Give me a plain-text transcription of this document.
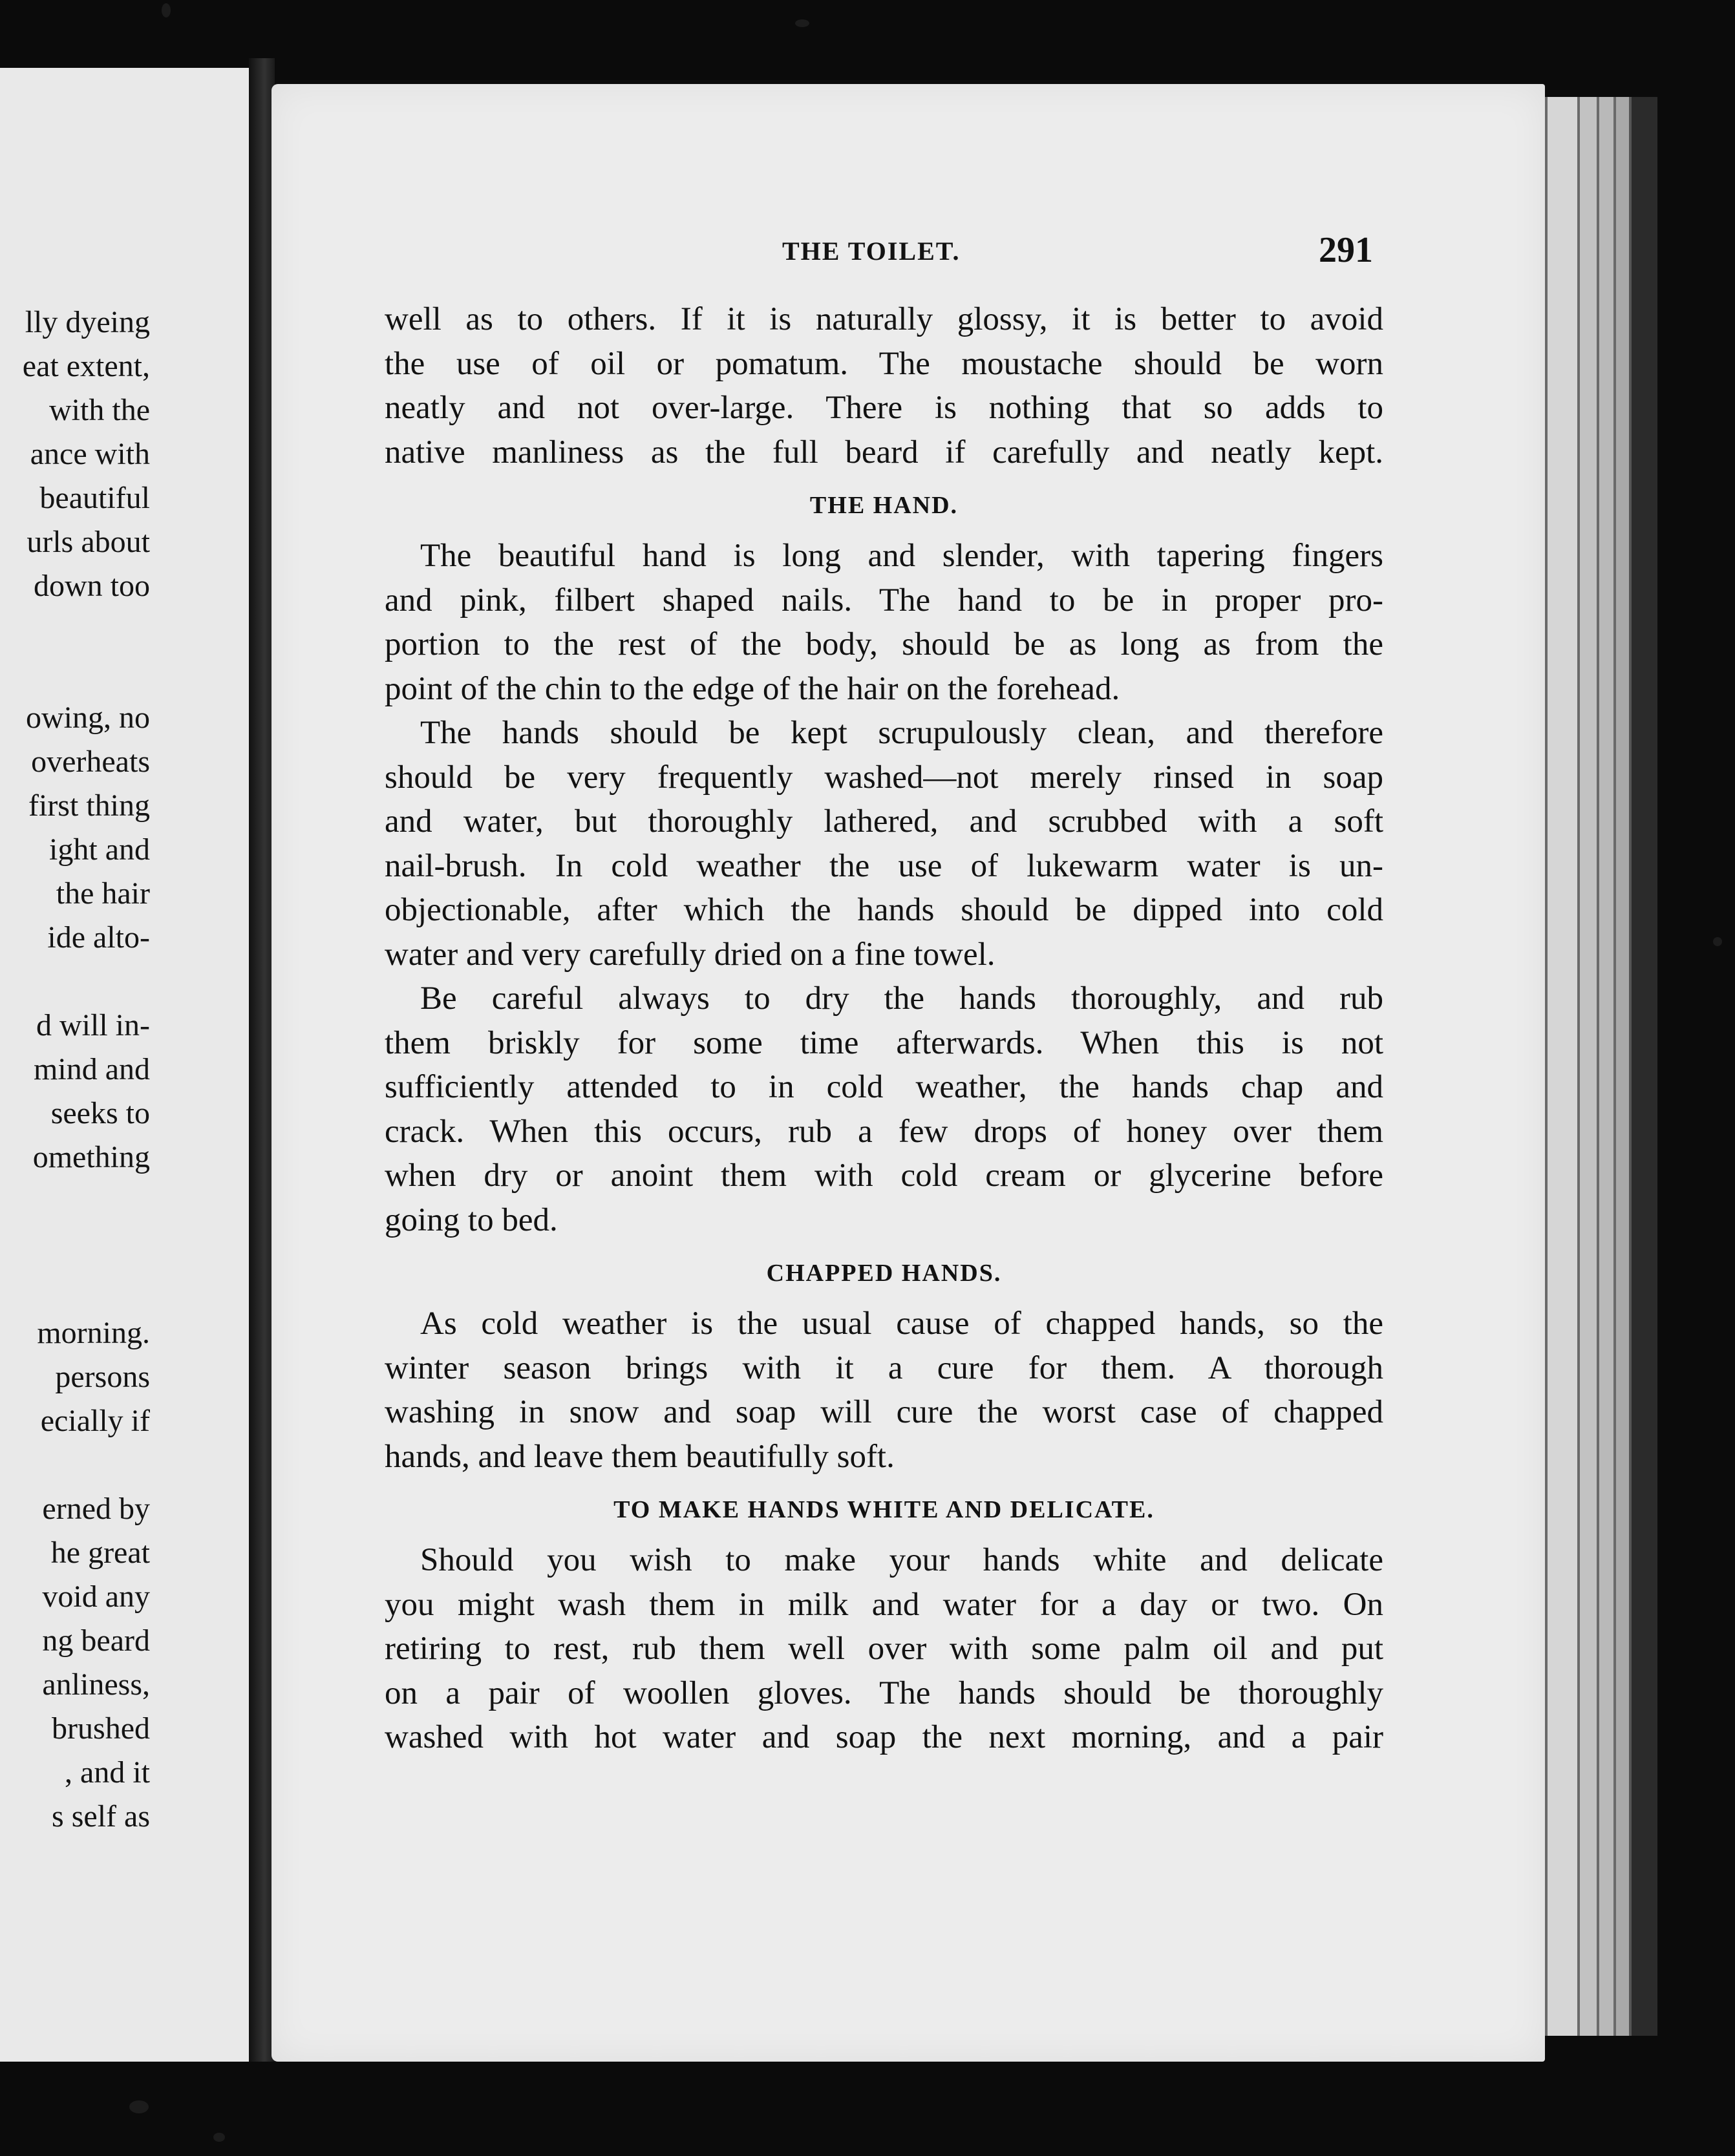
lly dyeing
eat extent,
with the
ance with
beautiful
urls about
down too
owing, no
overheats
first thing
ight and
the hair
ide alto-
d will in-
mind and
seeks to
omething
morning.
persons
ecially if
erned by
he great
void any
ng beard
anliness,
brushed
, and it
s self as
THE TOILET.	291
well as to others. If it is naturally glossy, it is better to avoid
the use of oil or pomatum. The moustache should be worn
neatly and not over-large. There is nothing that so adds to
native manliness as the full beard if carefully and neatly kept.
THE HAND.
The beautiful hand is long and slender, with tapering fingers
and pink, filbert shaped nails. The hand to be in proper pro-
portion to the rest of the body, should be as long as from the
point of the chin to the edge of the hair on the forehead.
The hands should be kept scrupulously clean, and therefore
should be very frequently washed—not merely rinsed in soap
and water, but thoroughly lathered, and scrubbed with a soft
nail-brush. In cold weather the use of lukewarm water is un-
objectionable, after which the hands should be dipped into cold
water and very carefully dried on a fine towel.
Be careful always to dry the hands thoroughly, and rub
them briskly for some time afterwards. When this is not
sufficiently attended to in cold weather, the hands chap and
crack. When this occurs, rub a few drops of honey over them
when dry or anoint them with cold cream or glycerine before
going to bed.
CHAPPED HANDS.
As cold weather is the usual cause of chapped hands, so the
winter season brings with it a cure for them. A thorough
washing in snow and soap will cure the worst case of chapped
hands, and leave them beautifully soft.
TO MAKE HANDS WHITE AND DELICATE.
Should you wish to make your hands white and delicate
you might wash them in milk and water for a day or two. On
retiring to rest, rub them well over with some palm oil and put
on a pair of woollen gloves. The hands should be thoroughly
washed with hot water and soap the next morning, and a pair
